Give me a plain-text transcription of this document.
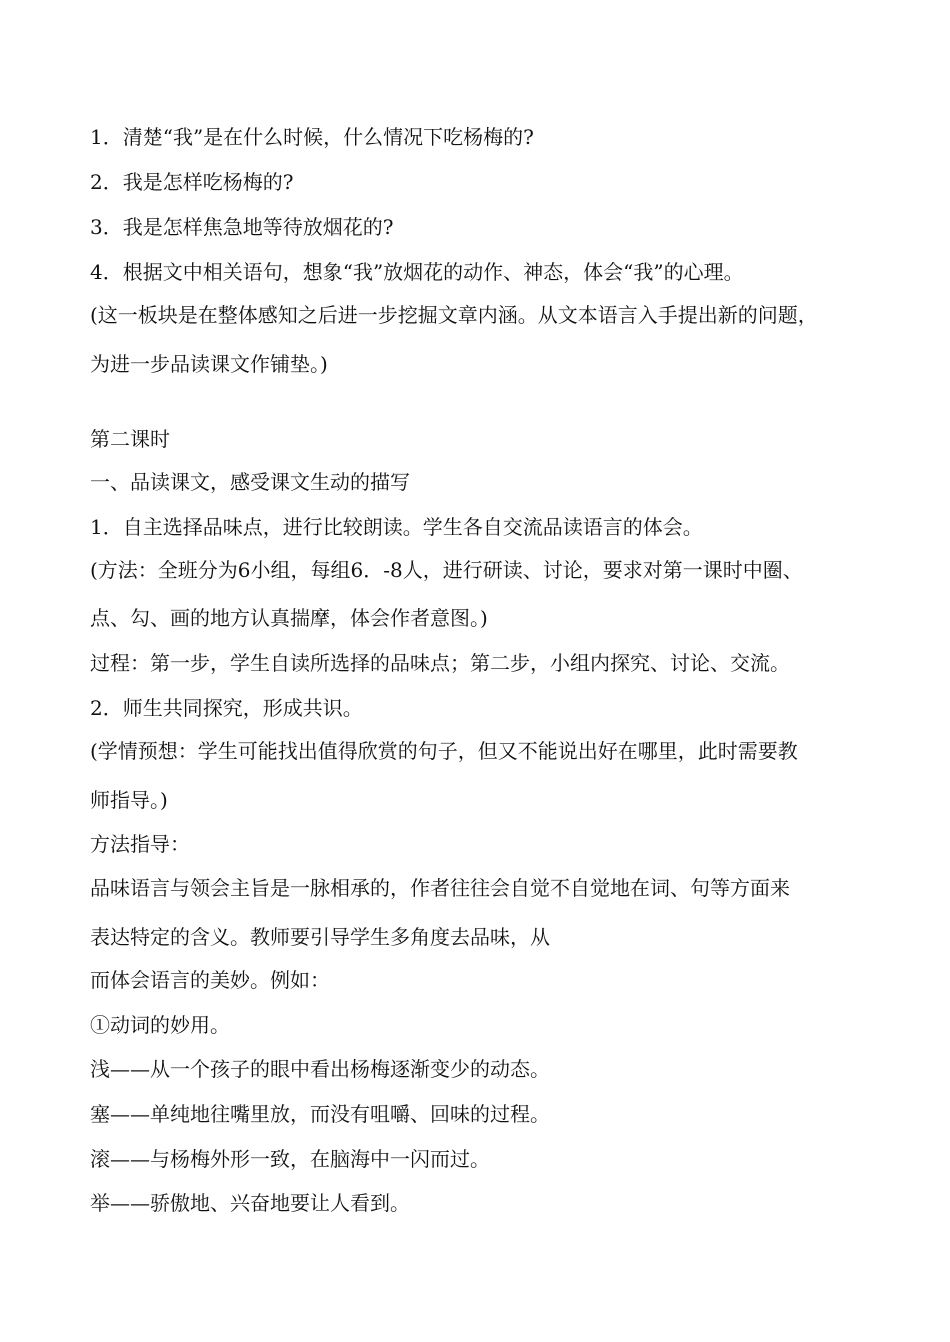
1．清楚“我”是在什么时候，什么情况下吃杨梅的?
2．我是怎样吃杨梅的?
3．我是怎样焦急地等待放烟花的?
4．根据文中相关语句，想象“我”放烟花的动作、神态，体会“我”的心理。
(这一板块是在整体感知之后进一步挖掘文章内涵。从文本语言入手提出新的问题，
为进一步品读课文作铺垫。)
第二课时
一、品读课文，感受课文生动的描写
1．自主选择品味点，进行比较朗读。学生各自交流品读语言的体会。
(方法：全班分为6小组，每组6．-8人，进行研读、讨论，要求对第一课时中圈、
点、勾、画的地方认真揣摩，体会作者意图。)
过程：第一步，学生自读所选择的品味点；第二步，小组内探究、讨论、交流。
2．师生共同探究，形成共识。
(学情预想：学生可能找出值得欣赏的句子，但又不能说出好在哪里，此时需要教
师指导。)
方法指导：
品味语言与领会主旨是一脉相承的，作者往往会自觉不自觉地在词、句等方面来
表达特定的含义。教师要引导学生多角度去品味，从
而体会语言的美妙。例如：
①动词的妙用。
浅——从一个孩子的眼中看出杨梅逐渐变少的动态。
塞——单纯地往嘴里放，而没有咀嚼、回味的过程。
滚——与杨梅外形一致，在脑海中一闪而过。
举——骄傲地、兴奋地要让人看到。
